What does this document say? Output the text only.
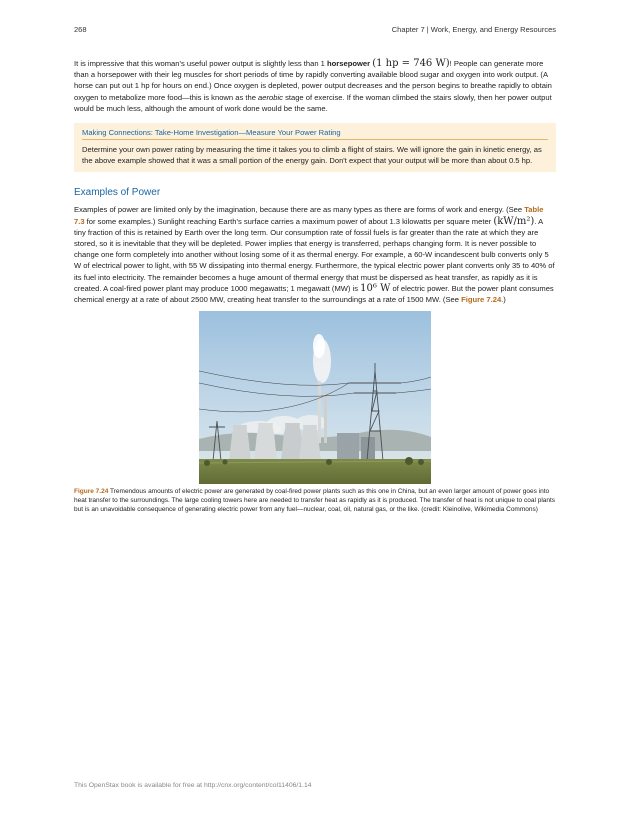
268	Chapter 7 | Work, Energy, and Energy Resources

It is impressive that this woman's useful power output is slightly less than 1 horsepower (1 hp = 746 W)! People can generate more than a horsepower with their leg muscles for short periods of time by rapidly converting available blood sugar and oxygen into work output. (A horse can put out 1 hp for hours on end.) Once oxygen is depleted, power output decreases and the person begins to breathe rapidly to obtain oxygen to metabolize more food—this is known as the aerobic stage of exercise. If the woman climbed the stairs slowly, then her power output would be much less, although the amount of work done would be the same.

Making Connections: Take-Home Investigation—Measure Your Power Rating

Determine your own power rating by measuring the time it takes you to climb a flight of stairs. We will ignore the gain in kinetic energy, as the above example showed that it was a small portion of the energy gain. Don't expect that your output will be more than about 0.5 hp.

Examples of Power

Examples of power are limited only by the imagination, because there are as many types as there are forms of work and energy. (See Table 7.3 for some examples.) Sunlight reaching Earth's surface carries a maximum power of about 1.3 kilowatts per square meter (kW/m²). A tiny fraction of this is retained by Earth over the long term. Our consumption rate of fossil fuels is far greater than the rate at which they are stored, so it is inevitable that they will be depleted. Power implies that energy is transferred, perhaps changing form. It is never possible to change one form completely into another without losing some of it as thermal energy. For example, a 60-W incandescent bulb converts only 5 W of electrical power to light, with 55 W dissipating into thermal energy. Furthermore, the typical electric power plant converts only 35 to 40% of its fuel into electricity. The remainder becomes a huge amount of thermal energy that must be dispersed as heat transfer, as rapidly as it is created. A coal-fired power plant may produce 1000 megawatts; 1 megawatt (MW) is 10⁶ W of electric power. But the power plant consumes chemical energy at a rate of about 2500 MW, creating heat transfer to the surroundings at a rate of 1500 MW. (See Figure 7.24.)

Figure 7.24 Tremendous amounts of electric power are generated by coal-fired power plants such as this one in China, but an even larger amount of power goes into heat transfer to the surroundings. The large cooling towers here are needed to transfer heat as rapidly as it is produced. The transfer of heat is not unique to coal plants but is an unavoidable consequence of generating electric power from any fuel—nuclear, coal, oil, natural gas, or the like. (credit: Kleinolive, Wikimedia Commons)
This OpenStax book is available for free at http://cnx.org/content/col11406/1.14
